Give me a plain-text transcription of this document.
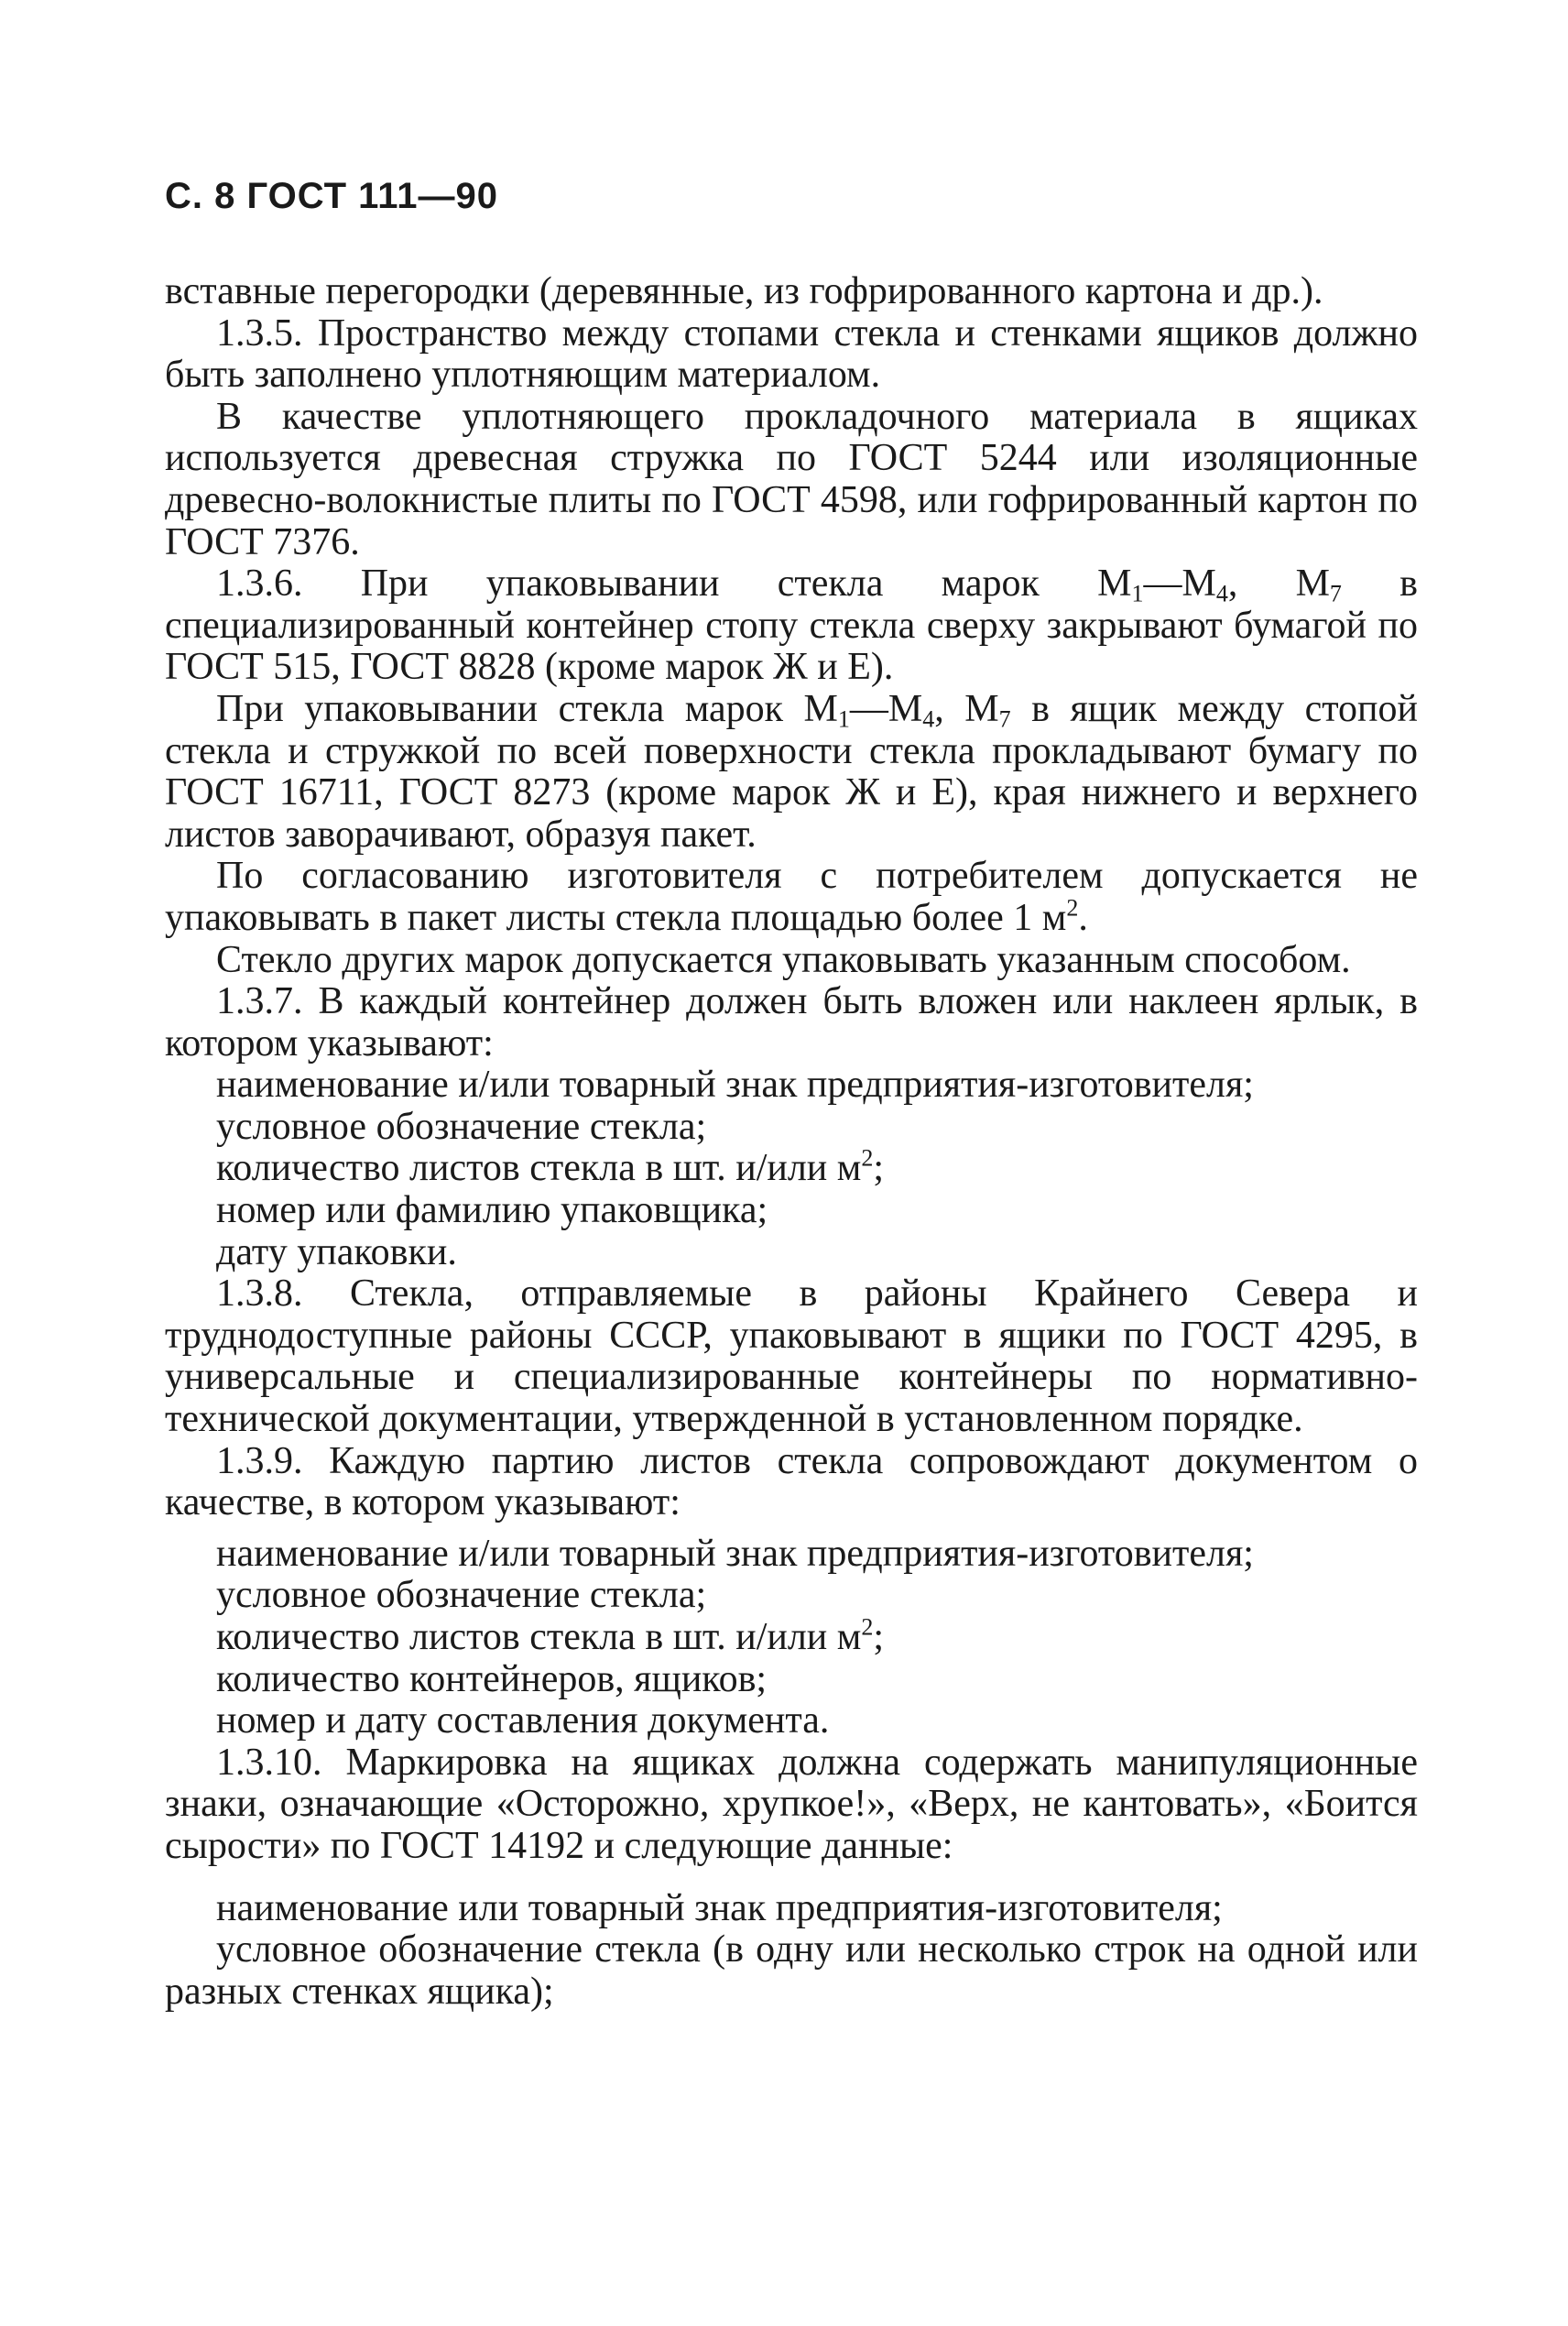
С. 8 ГОСТ 111—90

вставные перегородки (деревянные, из гофрированного картона и др.).

1.3.5. Пространство между стопами стекла и стенками ящиков должно быть заполнено уплотняющим материалом.

В качестве уплотняющего прокладочного материала в ящиках используется древесная стружка по ГОСТ 5244 или изоляционные древесно-волокнистые плиты по ГОСТ 4598, или гофрированный картон по ГОСТ 7376.

1.3.6. При упаковывании стекла марок $М_1—М_4$, $М_7$ в специализированный контейнер стопу стекла сверху закрывают бумагой по ГОСТ 515, ГОСТ 8828 (кроме марок Ж и Е).

При упаковывании стекла марок $М_1—М_4$, $М_7$ в ящик между стопой стекла и стружкой по всей поверхности стекла прокладывают бумагу по ГОСТ 16711, ГОСТ 8273 (кроме марок Ж и Е), края нижнего и верхнего листов заворачивают, образуя пакет.

По согласованию изготовителя с потребителем допускается не упаковывать в пакет листы стекла площадью более 1 $м^2$.

Стекло других марок допускается упаковывать указанным способом.

1.3.7. В каждый контейнер должен быть вложен или наклеен ярлык, в котором указывают:

наименование и/или товарный знак предприятия-изготовителя;

условное обозначение стекла;

количество листов стекла в шт. и/или $м^2$;

номер или фамилию упаковщика;

дату упаковки.

1.3.8. Стекла, отправляемые в районы Крайнего Севера и труднодоступные районы СССР, упаковывают в ящики по ГОСТ 4295, в универсальные и специализированные контейнеры по нормативно-технической документации, утвержденной в установленном порядке.

1.3.9. Каждую партию листов стекла сопровождают документом о качестве, в котором указывают:

наименование и/или товарный знак предприятия-изготовителя;

условное обозначение стекла;

количество листов стекла в шт. и/или $м^2$;

количество контейнеров, ящиков;

номер и дату составления документа.

1.3.10. Маркировка на ящиках должна содержать манипуляционные знаки, означающие «Осторожно, хрупкое!», «Верх, не кантовать», «Боится сырости» по ГОСТ 14192 и следующие данные:

наименование или товарный знак предприятия-изготовителя;

условное обозначение стекла (в одну или несколько строк на одной или разных стенках ящика);
